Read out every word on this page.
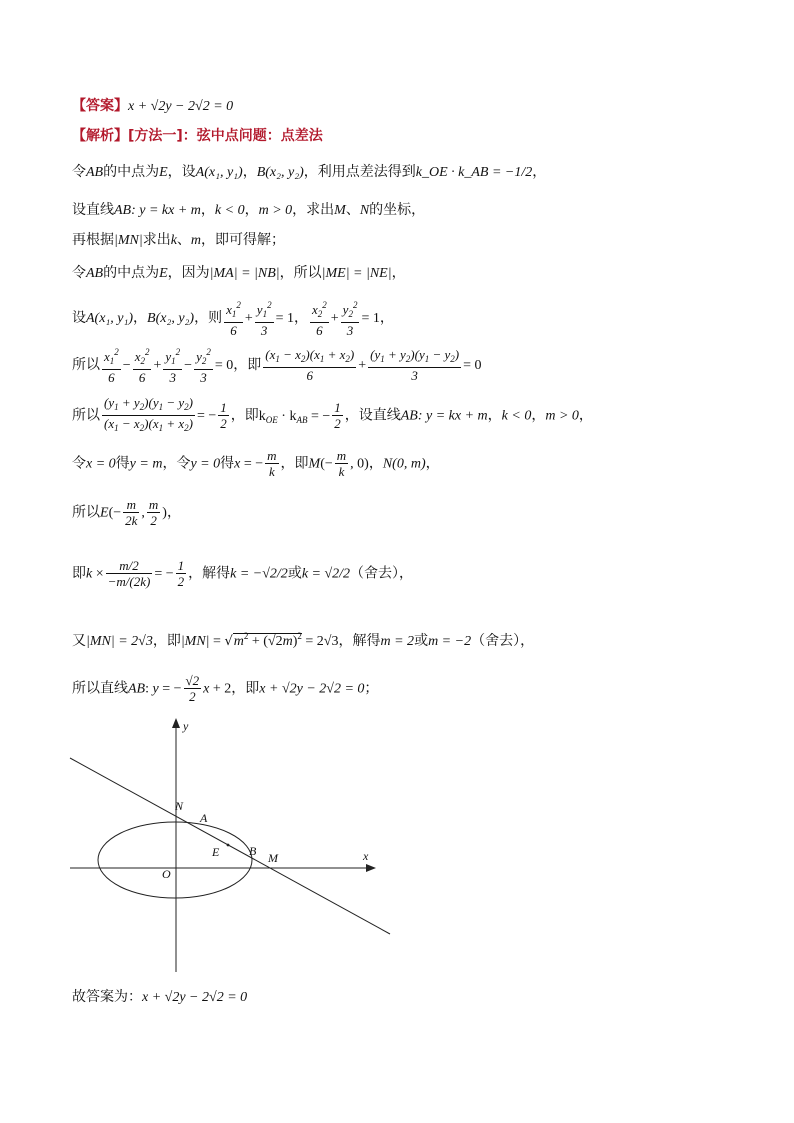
【答案】x + √2y − 2√2 = 0
【解析】[方法一]：弦中点问题：点差法
令AB的中点为E，设A(x₁, y₁)，B(x₂, y₂)，利用点差法得到k_OE · k_AB = −1/2，
设直线AB: y = kx + m，k < 0，m > 0，求出M、N的坐标，
再根据|MN|求出k、m，即可得解；
令AB的中点为E，因为|MA| = |NB|，所以|ME| = |NE|，
设A(x₁, y₁)，B(x₂, y₂)，则 $\frac{x_1^2}{6} + \frac{y_1^2}{3} = 1$， $\frac{x_2^2}{6} + \frac{y_2^2}{3} = 1$，
所以 $\frac{x_1^2}{6} - \frac{x_2^2}{6} + \frac{y_1^2}{3} - \frac{y_2^2}{3} = 0$，即 $\frac{(x_1 - x_2)(x_1 + x_2)}{6} + \frac{(y_1 + y_2)(y_1 - y_2)}{3} = 0$
所以 $\frac{(y_1 + y_2)(y_1 - y_2)}{(x_1 - x_2)(x_1 + x_2)}$ = − $\frac{1}{2}$ ，即$k_{OE} \cdot k_{AB}$ = − $\frac{1}{2}$ ，设直线AB: y = kx + m，k < 0，m > 0，
令x = 0得y = m，令y = 0得x = − $\frac{m}{k}$ ，即$M(- \frac{m}{k}$ , 0)，N(0, m)，
所以$E(- \frac{m}{2k}$ , $\frac{m}{2}$ )，
即$k \times \frac{m/2}{-m/(2k)}$ = − $\frac{1}{2}$ ，解得k = −√2/2或k = √2/2（舍去），
又|MN| = 2√3，即$|MN| = √m^2 + (√2m)^2 = 2√3$，解得m = 2或m = −2（舍去），
所以直线AB: y = − $\frac{√2}{2}$ x + 2，即x + √2y − 2√2 = 0；
y
x
N
A
E B M
O
故答案为：x + √2y − 2√2 = 0
